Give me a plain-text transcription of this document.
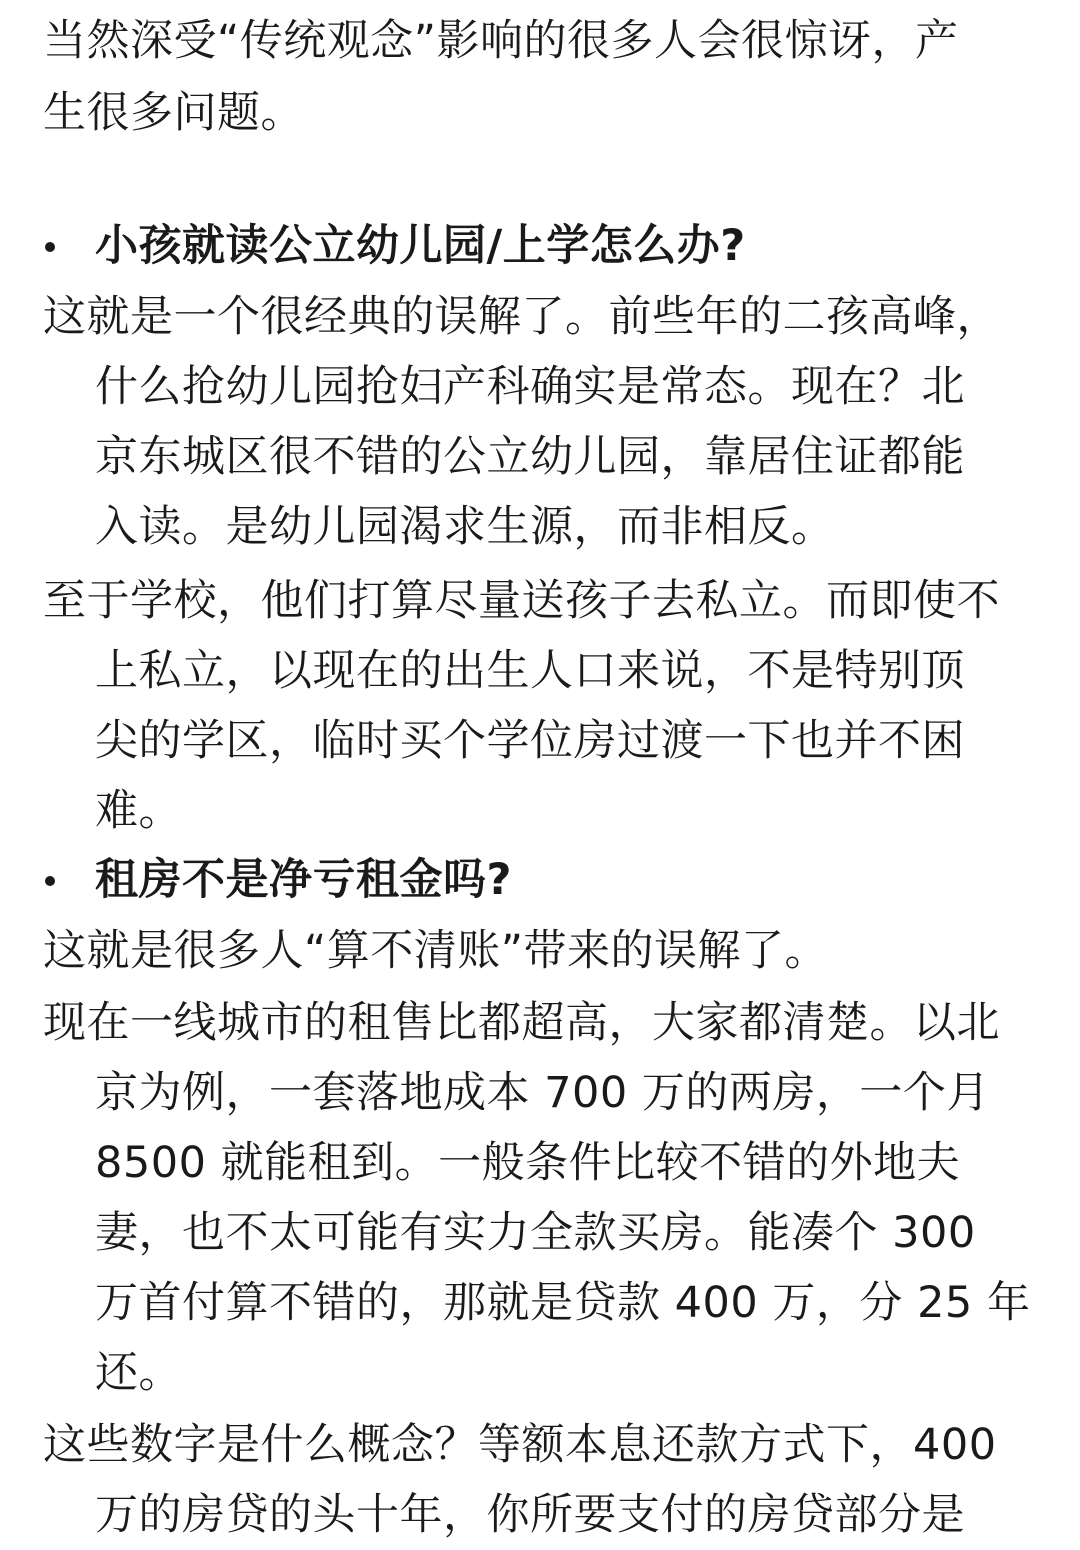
当然深受“传统观念”影响的很多人会很惊讶，产
生很多问题。
小孩就读公立幼儿园/上学怎么办?
这就是一个很经典的误解了。前些年的二孩高峰，
什么抢幼儿园抢妇产科确实是常态。现在？北
京东城区很不错的公立幼儿园，靠居住证都能
入读。是幼儿园渴求生源，而非相反。
至于学校，他们打算尽量送孩子去私立。而即使不
上私立，以现在的出生人口来说，不是特别顶
尖的学区，临时买个学位房过渡一下也并不困
难。
租房不是净亏租金吗?
这就是很多人“算不清账”带来的误解了。
现在一线城市的租售比都超高，大家都清楚。以北
京为例，一套落地成本 700 万的两房，一个月
8500 就能租到。一般条件比较不错的外地夫
妻，也不太可能有实力全款买房。能凑个 300
万首付算不错的，那就是贷款 400 万，分 25 年
还。
这些数字是什么概念？等额本息还款方式下，400
万的房贷的头十年，你所要支付的房贷部分是
